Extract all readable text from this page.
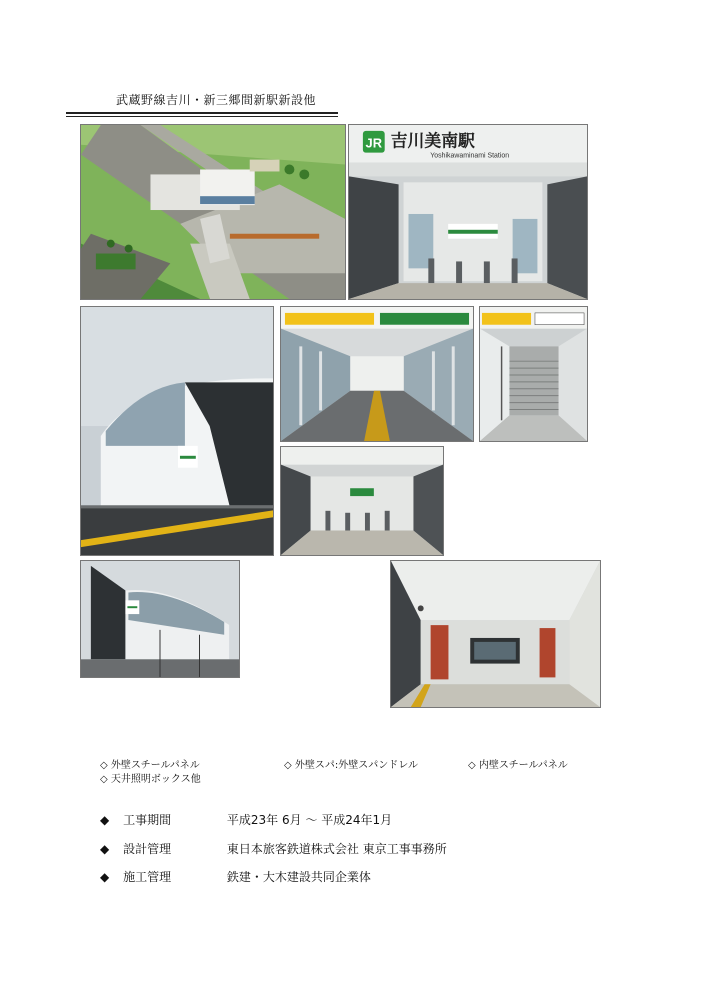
武蔵野線吉川・新三郷間新駅新設他
JR 吉川美南駅
Yoshikawaminami Station
◇ 外壁スチールパネル	◇ 外壁スパ:外壁スパンドレル	◇ 内壁スチールパネル
◇ 天井照明ボックス他
◆ 工事期間	平成23年 6月 〜 平成24年1月
◆ 設計管理	東日本旅客鉄道株式会社 東京工事事務所
◆ 施工管理	鉄建・大木建設共同企業体
